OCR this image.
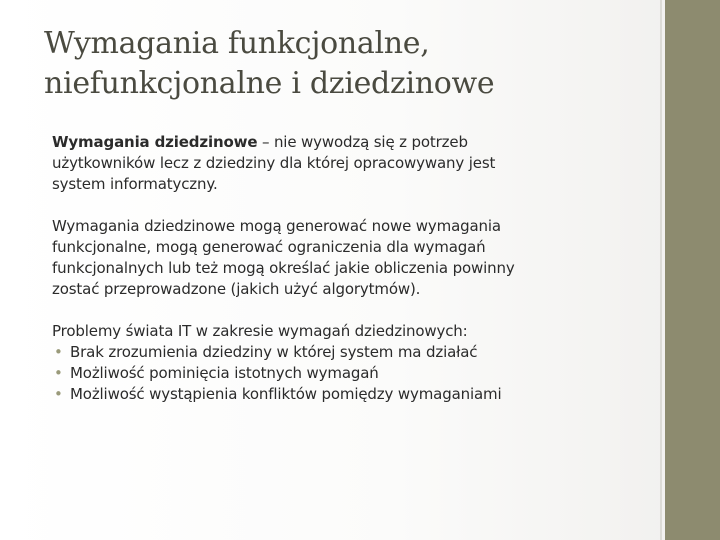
Wymagania funkcjonalne,
niefunkcjonalne i dziedzinowe

Wymagania dziedzinowe – nie wywodzą się z potrzeb
użytkowników lecz z dziedziny dla której opracowywany jest
system informatyczny.

Wymagania dziedzinowe mogą generować nowe wymagania
funkcjonalne, mogą generować ograniczenia dla wymagań
funkcjonalnych lub też mogą określać jakie obliczenia powinny
zostać przeprowadzone (jakich użyć algorytmów).

Problemy świata IT w zakresie wymagań dziedzinowych:

• Brak zrozumienia dziedziny w której system ma działać
• Możliwość pominięcia istotnych wymagań
• Możliwość wystąpienia konfliktów pomiędzy wymaganiami
